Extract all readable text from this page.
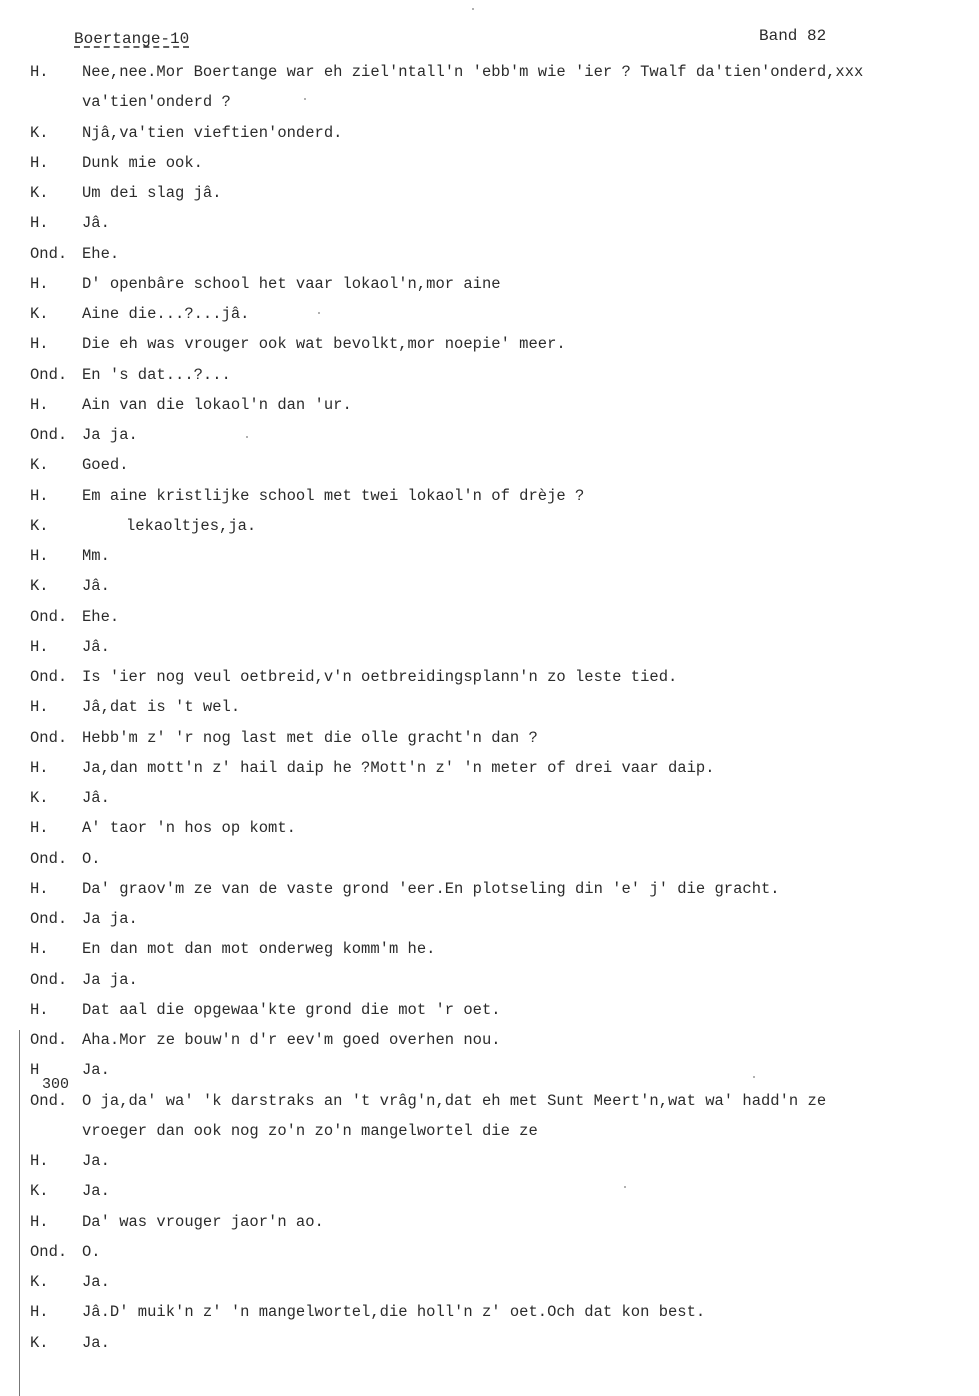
Boertange-10	Band 82
H. Nee,nee.Mor Boertange war eh ziel'ntall'n 'ebb'm wie 'ier ? Twalf da'tien'onderd,xxx
va'tien'onderd ?
K. Njâ,va'tien vieftien'onderd.
H. Dunk mie ook.
K. Um dei slag jâ.
H. Jâ.
Ond. Ehe.
H. D' openbâre school het vaar lokaol'n,mor aine
K. Aine die...?...jâ.
H. Die eh was vrouger ook wat bevolkt,mor noepie' meer.
Ond. En 's dat...?...
H. Ain van die lokaol'n dan 'ur.
Ond. Ja ja.
K. Goed.
H. Em aine kristlijke school met twei lokaol'n of drèje ?
K.	lekaoltjes,ja.
H. Mm.
K. Jâ.
Ond. Ehe.
H. Jâ.
Ond. Is 'ier nog veul oetbreid,v'n oetbreidingsplann'n zo leste tied.
H. Jâ,dat is 't wel.
Ond. Hebb'm z' 'r nog last met die olle gracht'n dan ?
H. Ja,dan mott'n z' hail daip he ?Mott'n z' 'n meter of drei vaar daip.
K. Jâ.
H. A' taor 'n hos op komt.
Ond. O.
H. Da' graov'm ze van de vaste grond 'eer.En plotseling din 'e' j' die gracht.
Ond. Ja ja.
H. En dan mot dan mot onderweg komm'm he.
Ond. Ja ja.
H. Dat aal die opgewaa'kte grond die mot 'r oet.
Ond. Aha.Mor ze bouw'n d'r eev'm goed overhen nou.
H	Ja.
Ond. O ja,da' wa' 'k darstraks an 't vrâg'n,dat eh met Sunt Meert'n,wat wa' hadd'n ze
vroeger dan ook nog zo'n zo'n mangelwortel die ze
H. Ja.
K. Ja.
H. Da' was vrouger jaor'n ao.
Ond. O.
K. Ja.
H. Jâ.D' muik'n z' 'n mangelwortel,die holl'n z' oet.Och dat kon best.
K. Ja.
300
